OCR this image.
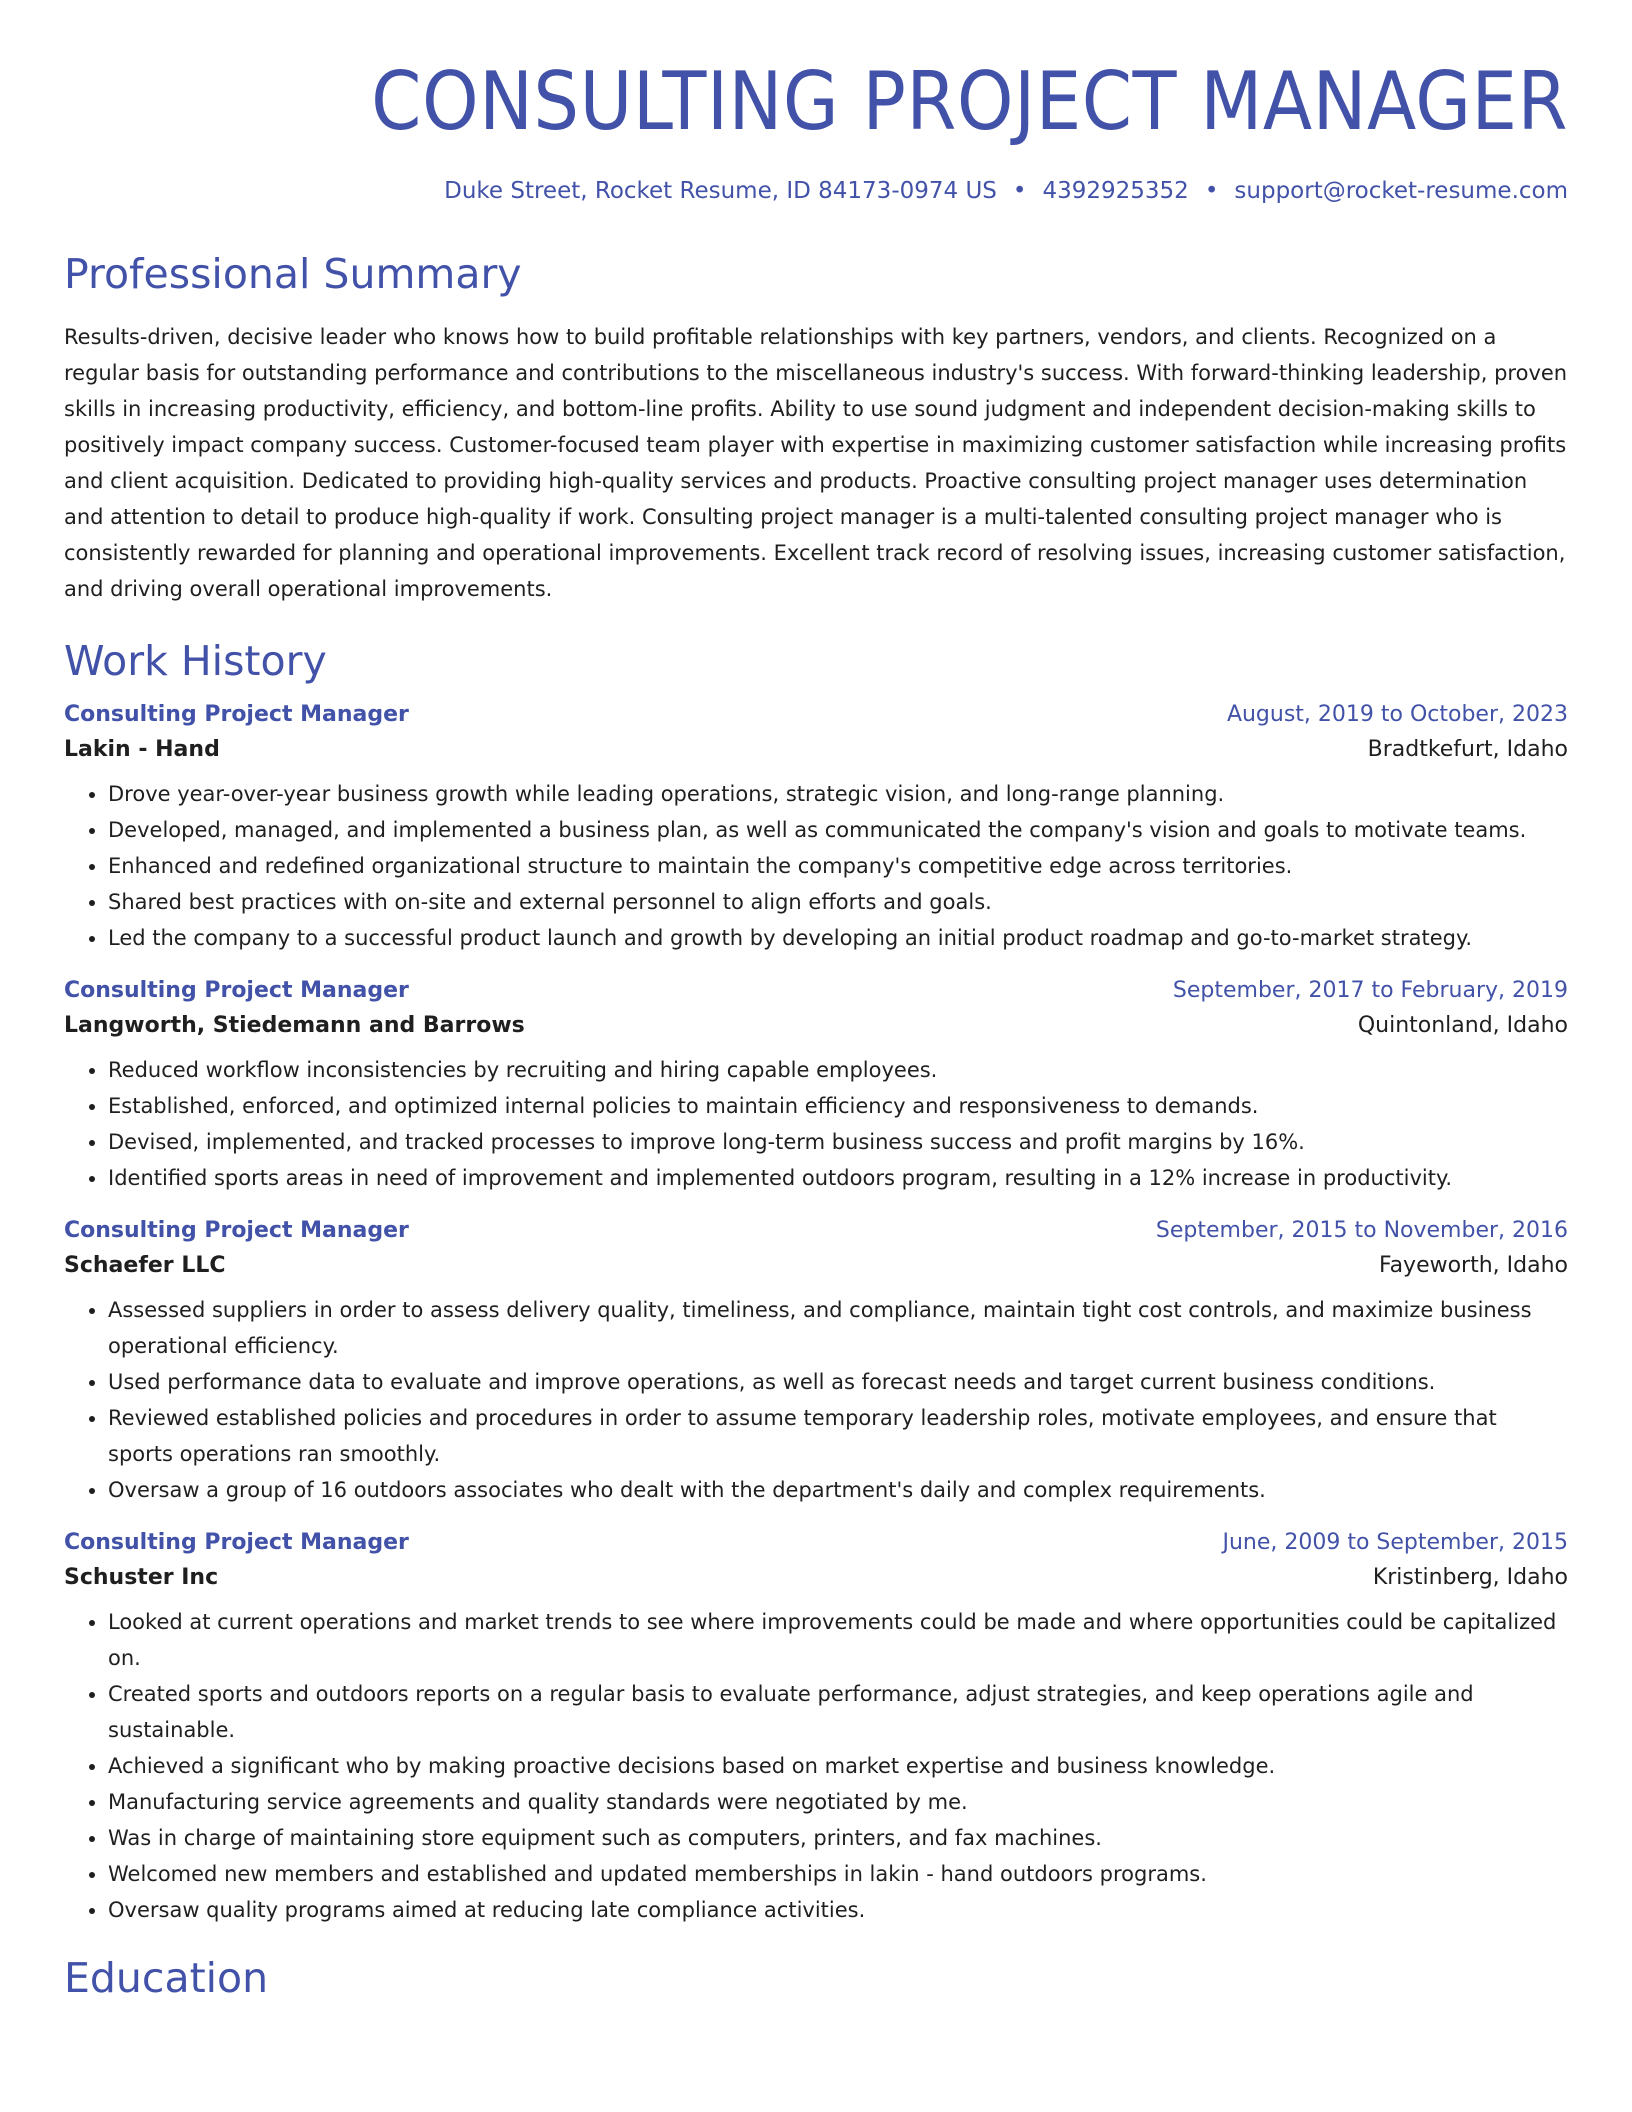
CONSULTING PROJECT MANAGER
Duke Street, Rocket Resume, ID 84173-0974 US • 4392925352 • support@rocket-resume.com
Professional Summary
Results-driven, decisive leader who knows how to build profitable relationships with key partners, vendors, and clients. Recognized on a regular basis for outstanding performance and contributions to the miscellaneous industry's success. With forward-thinking leadership, proven skills in increasing productivity, efficiency, and bottom-line profits. Ability to use sound judgment and independent decision-making skills to positively impact company success. Customer-focused team player with expertise in maximizing customer satisfaction while increasing profits and client acquisition. Dedicated to providing high-quality services and products. Proactive consulting project manager uses determination and attention to detail to produce high-quality if work. Consulting project manager is a multi-talented consulting project manager who is consistently rewarded for planning and operational improvements. Excellent track record of resolving issues, increasing customer satisfaction, and driving overall operational improvements.
Work History
Consulting Project Manager	August, 2019 to October, 2023
Lakin - Hand	Bradtkefurt, Idaho
• Drove year-over-year business growth while leading operations, strategic vision, and long-range planning.
• Developed, managed, and implemented a business plan, as well as communicated the company's vision and goals to motivate teams.
• Enhanced and redefined organizational structure to maintain the company's competitive edge across territories.
• Shared best practices with on-site and external personnel to align efforts and goals.
• Led the company to a successful product launch and growth by developing an initial product roadmap and go-to-market strategy.
Consulting Project Manager	September, 2017 to February, 2019
Langworth, Stiedemann and Barrows	Quintonland, Idaho
• Reduced workflow inconsistencies by recruiting and hiring capable employees.
• Established, enforced, and optimized internal policies to maintain efficiency and responsiveness to demands.
• Devised, implemented, and tracked processes to improve long-term business success and profit margins by 16%.
• Identified sports areas in need of improvement and implemented outdoors program, resulting in a 12% increase in productivity.
Consulting Project Manager	September, 2015 to November, 2016
Schaefer LLC	Fayeworth, Idaho
• Assessed suppliers in order to assess delivery quality, timeliness, and compliance, maintain tight cost controls, and maximize business operational efficiency.
• Used performance data to evaluate and improve operations, as well as forecast needs and target current business conditions.
• Reviewed established policies and procedures in order to assume temporary leadership roles, motivate employees, and ensure that sports operations ran smoothly.
• Oversaw a group of 16 outdoors associates who dealt with the department's daily and complex requirements.
Consulting Project Manager	June, 2009 to September, 2015
Schuster Inc	Kristinberg, Idaho
• Looked at current operations and market trends to see where improvements could be made and where opportunities could be capitalized on.
• Created sports and outdoors reports on a regular basis to evaluate performance, adjust strategies, and keep operations agile and sustainable.
• Achieved a significant who by making proactive decisions based on market expertise and business knowledge.
• Manufacturing service agreements and quality standards were negotiated by me.
• Was in charge of maintaining store equipment such as computers, printers, and fax machines.
• Welcomed new members and established and updated memberships in lakin - hand outdoors programs.
• Oversaw quality programs aimed at reducing late compliance activities.
Education
